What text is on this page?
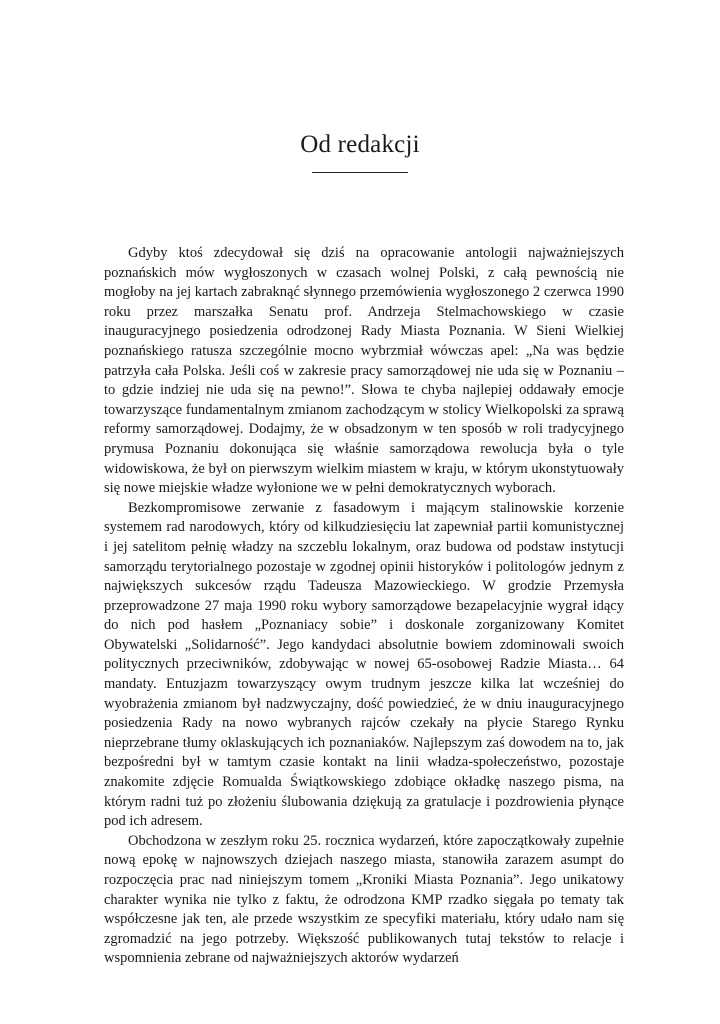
Od redakcji

Gdyby ktoś zdecydował się dziś na opracowanie antologii najważniejszych poznańskich mów wygłoszonych w czasach wolnej Polski, z całą pewnością nie mogłoby na jej kartach zabraknąć słynnego przemówienia wygłoszonego 2 czerwca 1990 roku przez marszałka Senatu prof. Andrzeja Stelmachowskiego w czasie inauguracyjnego posiedzenia odrodzonej Rady Miasta Poznania. W Sieni Wielkiej poznańskiego ratusza szczególnie mocno wybrzmiał wówczas apel: „Na was będzie patrzyła cała Polska. Jeśli coś w zakresie pracy samorządowej nie uda się w Poznaniu – to gdzie indziej nie uda się na pewno!”. Słowa te chyba najlepiej oddawały emocje towarzyszące fundamentalnym zmianom zachodzącym w stolicy Wielkopolski za sprawą reformy samorządowej. Dodajmy, że w obsadzonym w ten sposób w roli tradycyjnego prymusa Poznaniu dokonująca się właśnie samorządowa rewolucja była o tyle widowiskowa, że był on pierwszym wielkim miastem w kraju, w którym ukonstytuowały się nowe miejskie władze wyłonione we w pełni demokratycznych wyborach.

Bezkompromisowe zerwanie z fasadowym i mającym stalinowskie korzenie systemem rad narodowych, który od kilkudziesięciu lat zapewniał partii komunistycznej i jej satelitom pełnię władzy na szczeblu lokalnym, oraz budowa od podstaw instytucji samorządu terytorialnego pozostaje w zgodnej opinii historyków i politologów jednym z największych sukcesów rządu Tadeusza Mazowieckiego. W grodzie Przemysła przeprowadzone 27 maja 1990 roku wybory samorządowe bezapelacyjnie wygrał idący do nich pod hasłem „Poznaniacy sobie” i doskonale zorganizowany Komitet Obywatelski „Solidarność”. Jego kandydaci absolutnie bowiem zdominowali swoich politycznych przeciwników, zdobywając w nowej 65-osobowej Radzie Miasta… 64 mandaty. Entuzjazm towarzyszący owym trudnym jeszcze kilka lat wcześniej do wyobrażenia zmianom był nadzwyczajny, dość powiedzieć, że w dniu inauguracyjnego posiedzenia Rady na nowo wybranych rajców czekały na płycie Starego Rynku nieprzebrane tłumy oklaskujących ich poznaniaków. Najlepszym zaś dowodem na to, jak bezpośredni był w tamtym czasie kontakt na linii władza-społeczeństwo, pozostaje znakomite zdjęcie Romualda Świątkowskiego zdobiące okładkę naszego pisma, na którym radni tuż po złożeniu ślubowania dziękują za gratulacje i pozdrowienia płynące pod ich adresem.

Obchodzona w zeszłym roku 25. rocznica wydarzeń, które zapoczątkowały zupełnie nową epokę w najnowszych dziejach naszego miasta, stanowiła zarazem asumpt do rozpoczęcia prac nad niniejszym tomem „Kroniki Miasta Poznania”. Jego unikatowy charakter wynika nie tylko z faktu, że odrodzona KMP rzadko sięgała po tematy tak współczesne jak ten, ale przede wszystkim ze specyfiki materiału, który udało nam się zgromadzić na jego potrzeby. Większość publikowanych tutaj tekstów to relacje i wspomnienia zebrane od najważniejszych aktorów wydarzeń
